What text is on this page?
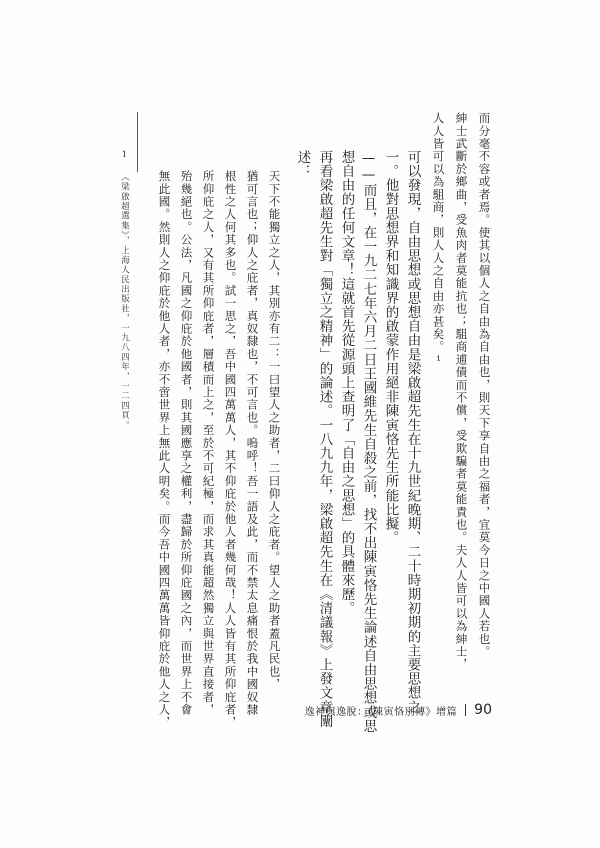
而分毫不容或者焉。使其以個人之自由為自由也，則天下享自由之福者，宜莫今日之中國人若也。
紳士武斷於鄉曲，受魚肉者莫能抗也；駔商逋債而不償，受欺騙者莫能責也。夫人人皆可以為紳士，
人人皆可以為駔商，則人人之自由亦甚矣。¹
可以發現，自由思想或思想自由是梁啟超先生在十九世紀晚期、二十時期初期的主要思想之
一。他對思想界和知識界的啟蒙作用絕非陳寅恪先生所能比擬。
——而且，在一九二七年六月二日王國維先生自殺之前，找不出陳寅恪先生論述自由思想或思
想自由的任何文章！這就首先從源頭上查明了「自由之思想」的具體來歷。
再看梁啟超先生對「獨立之精神」的論述。一八九九年，梁啟超先生在《清議報》上發文章闡
述：
天下不能獨立之人，其別亦有二：一曰望人之助者，二曰仰人之庇者。望人之助者蓋凡民也，
猶可言也；仰人之庇者，真奴隸也，不可言也。嗚呼！吾一語及此，而不禁太息痛恨於我中國奴隸
根性之人何其多也。試一思之，吾中國四萬萬人，其不仰庇於他人者幾何哉！人人皆有其所仰庇者，
所仰庇之人，又有其所仰庇者，層積而上之，至於不可紀極，而求其真能超然獨立與世界直接者，
殆幾絕也。公法，凡國之仰庇於他國者，則其國應享之權利，盡歸於所仰庇國之內，而世界上不會
無此國。然則人之仰庇於他人者，亦不啻世界上無此人明矣。而今吾中國四萬萬皆仰庇於他人之人，
1 《梁啟超選集》，上海人民出版社，一九八四年，一二四頁。
逸神與逸脫：《陳寅恪別傳》增篇 90
